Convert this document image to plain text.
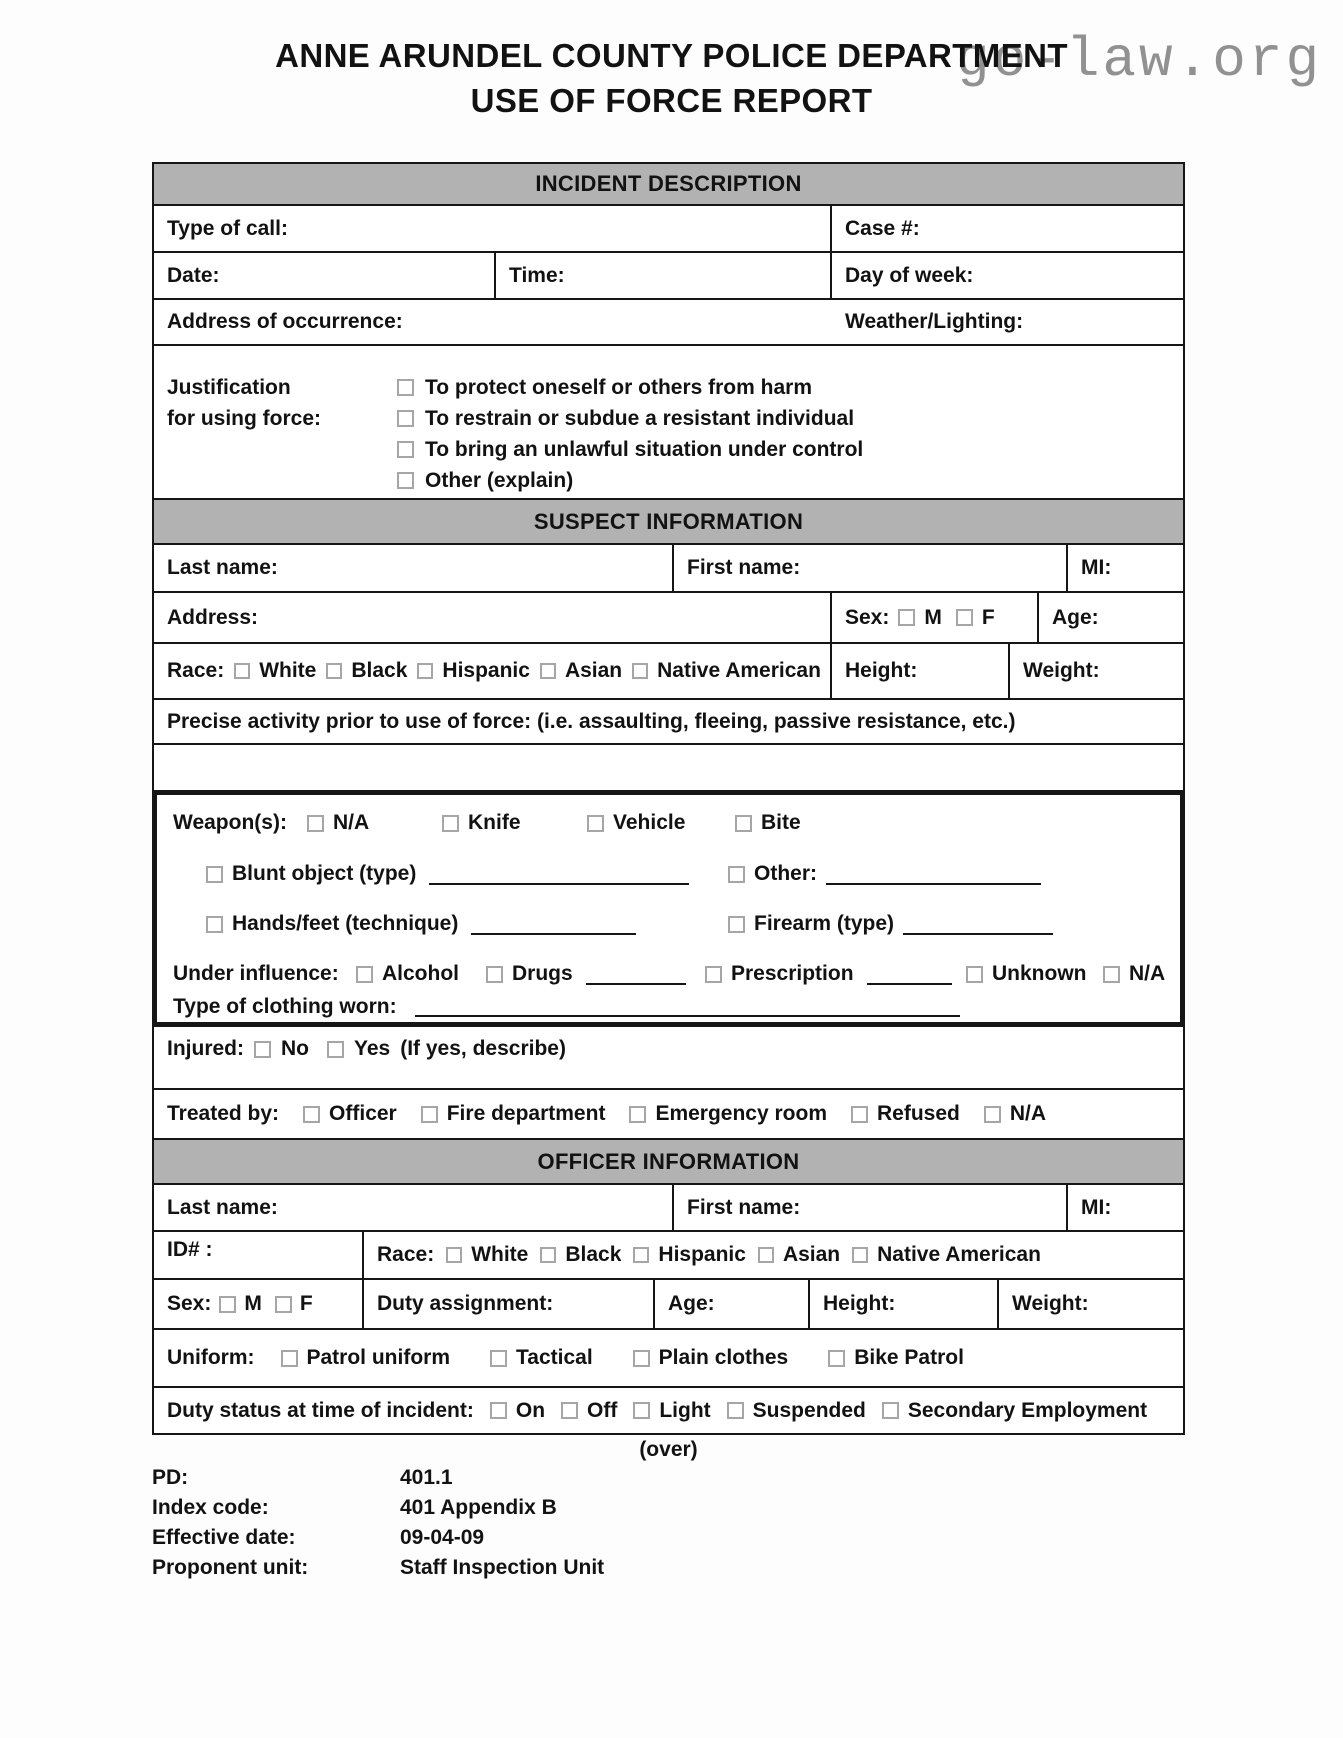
go-law.org
ANNE ARUNDEL COUNTY POLICE DEPARTMENT
USE OF FORCE REPORT
INCIDENT DESCRIPTION
Type of call:	Case #:
Date:	Time:	Day of week:
Address of occurrence:	Weather/Lighting:
Justification
for using force:
To protect oneself or others from harm
To restrain or subdue a resistant individual
To bring an unlawful situation under control
Other (explain)
SUSPECT INFORMATION
Last name:	First name:	MI:
Address:	Sex: M F	Age:
Race: White Black Hispanic Asian Native American Height:	Weight:
Precise activity prior to use of force: (i.e. assaulting, fleeing, passive resistance, etc.)
Weapon(s): N/A	Knife	Vehicle	Bite
Blunt object (type)	Other:
Hands/feet (technique)	Firearm (type)
Under influence: Alcohol	Drugs	Prescription	Unknown N/A
Type of clothing worn:
Injured: No Yes (If yes, describe)
Treated by: Officer Fire department Emergency room Refused N/A
OFFICER INFORMATION
Last name:	First name:	MI:
ID# :	Race: White Black Hispanic Asian Native American
Sex: M F	Duty assignment:	Age:	Height:	Weight:
Uniform: Patrol uniform	Tactical	Plain clothes	Bike Patrol
Duty status at time of incident: On Off Light Suspended Secondary Employment
(over)
PD:	401.1
Index code:	401 Appendix B
Effective date:	09-04-09
Proponent unit:	Staff Inspection Unit
